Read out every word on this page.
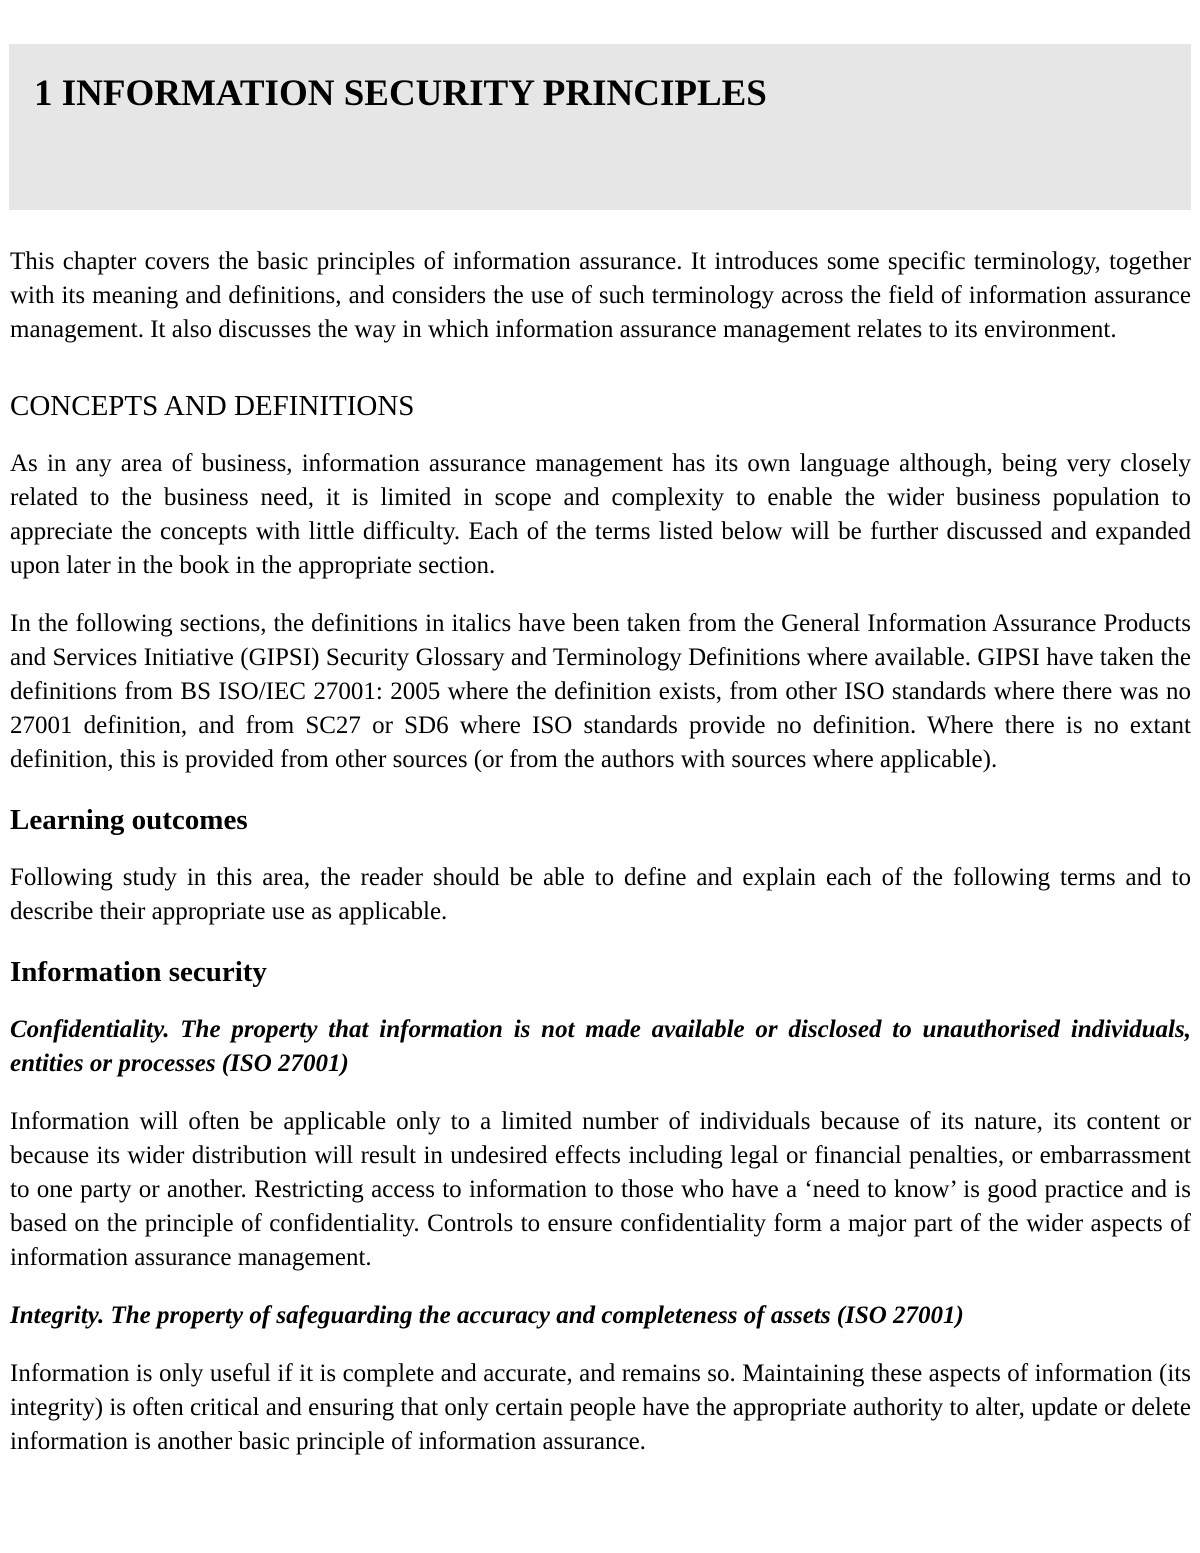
1 INFORMATION SECURITY PRINCIPLES

This chapter covers the basic principles of information assurance. It introduces some specific terminology, together with its meaning and definitions, and considers the use of such terminology across the field of information assurance management. It also discusses the way in which information assurance management relates to its environment.

CONCEPTS AND DEFINITIONS

As in any area of business, information assurance management has its own language although, being very closely related to the business need, it is limited in scope and complexity to enable the wider business population to appreciate the concepts with little difficulty. Each of the terms listed below will be further discussed and expanded upon later in the book in the appropriate section.

In the following sections, the definitions in italics have been taken from the General Information Assurance Products and Services Initiative (GIPSI) Security Glossary and Terminology Definitions where available. GIPSI have taken the definitions from BS ISO/IEC 27001: 2005 where the definition exists, from other ISO standards where there was no 27001 definition, and from SC27 or SD6 where ISO standards provide no definition. Where there is no extant definition, this is provided from other sources (or from the authors with sources where applicable).

Learning outcomes

Following study in this area, the reader should be able to define and explain each of the following terms and to describe their appropriate use as applicable.

Information security

Confidentiality. The property that information is not made available or disclosed to unauthorised individuals, entities or processes (ISO 27001)

Information will often be applicable only to a limited number of individuals because of its nature, its content or because its wider distribution will result in undesired effects including legal or financial penalties, or embarrassment to one party or another. Restricting access to information to those who have a ‘need to know’ is good practice and is based on the principle of confidentiality. Controls to ensure confidentiality form a major part of the wider aspects of information assurance management.

Integrity. The property of safeguarding the accuracy and completeness of assets (ISO 27001)

Information is only useful if it is complete and accurate, and remains so. Maintaining these aspects of information (its integrity) is often critical and ensuring that only certain people have the appropriate authority to alter, update or delete information is another basic principle of information assurance.
